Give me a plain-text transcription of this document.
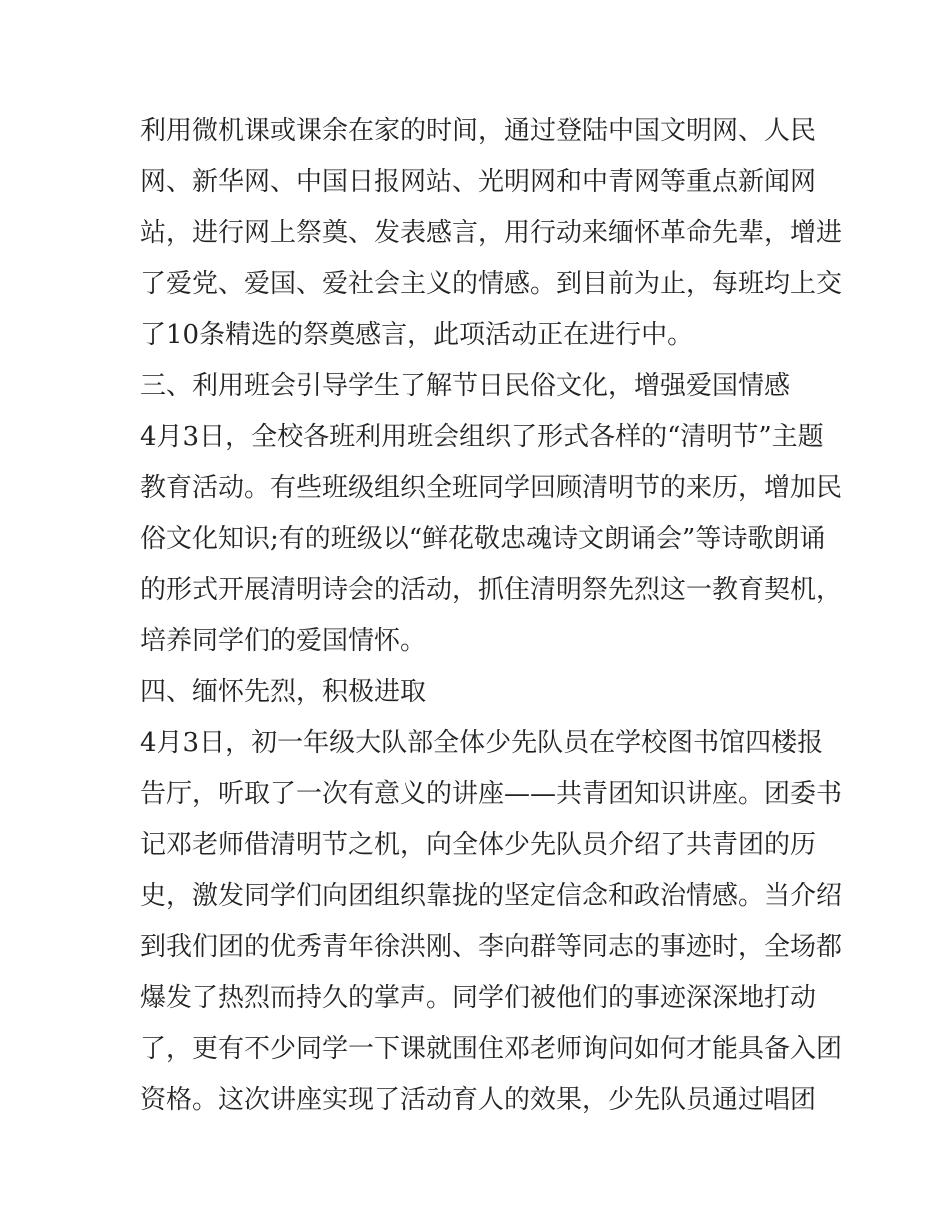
利用微机课或课余在家的时间，通过登陆中国文明网、人民
网、新华网、中国日报网站、光明网和中青网等重点新闻网
站，进行网上祭奠、发表感言，用行动来缅怀革命先辈，增进
了爱党、爱国、爱社会主义的情感。到目前为止，每班均上交
了10条精选的祭奠感言，此项活动正在进行中。
三、利用班会引导学生了解节日民俗文化，增强爱国情感
4月3日，全校各班利用班会组织了形式各样的“清明节”主题
教育活动。有些班级组织全班同学回顾清明节的来历，增加民
俗文化知识;有的班级以“鲜花敬忠魂诗文朗诵会”等诗歌朗诵
的形式开展清明诗会的活动，抓住清明祭先烈这一教育契机，
培养同学们的爱国情怀。
四、缅怀先烈，积极进取
4月3日，初一年级大队部全体少先队员在学校图书馆四楼报
告厅，听取了一次有意义的讲座——共青团知识讲座。团委书
记邓老师借清明节之机，向全体少先队员介绍了共青团的历
史，激发同学们向团组织靠拢的坚定信念和政治情感。当介绍
到我们团的优秀青年徐洪刚、李向群等同志的事迹时，全场都
爆发了热烈而持久的掌声。同学们被他们的事迹深深地打动
了，更有不少同学一下课就围住邓老师询问如何才能具备入团
资格。这次讲座实现了活动育人的效果，少先队员通过唱团
